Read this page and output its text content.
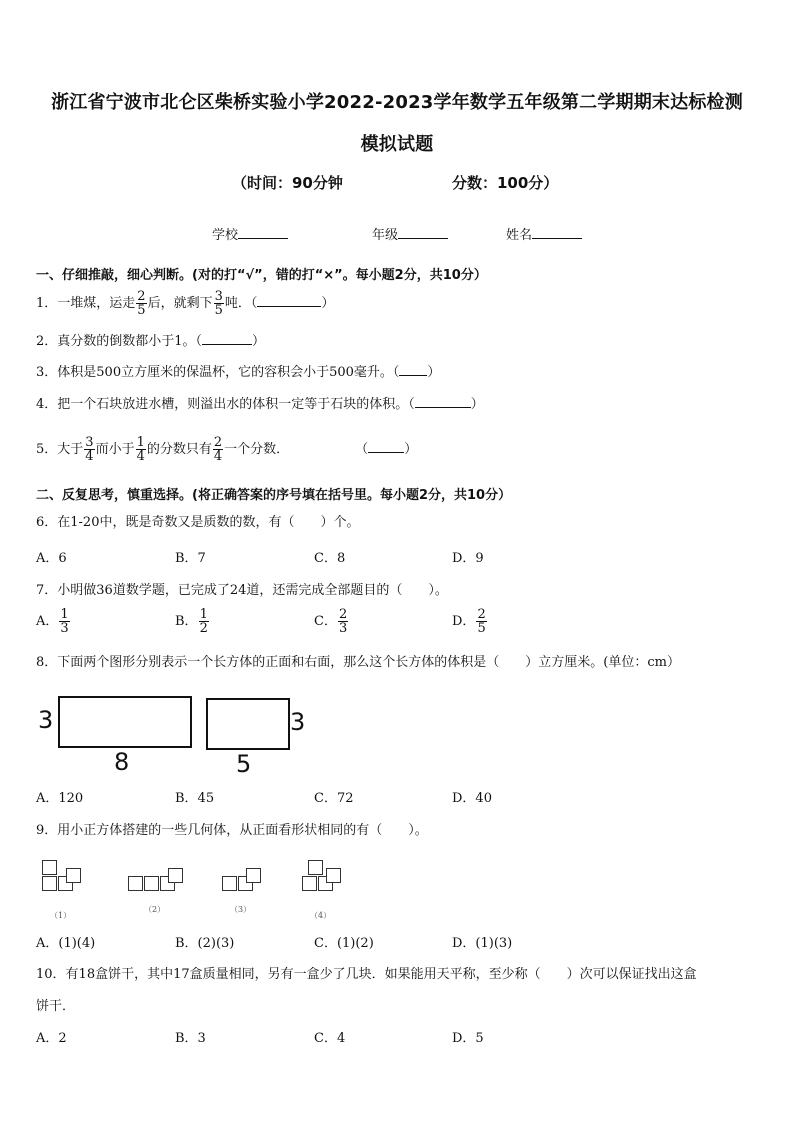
浙江省宁波市北仑区柴桥实验小学2022-2023学年数学五年级第二学期期末达标检测
模拟试题
（时间：90分钟	分数：100分）
学校	年级	姓名
一、仔细推敲，细心判断。(对的打“√”，错的打“×”。每小题2分，共10分）
1．一堆煤，运走 $\frac{2}{5}$ 后，就剩下 $\frac{3}{5}$ 吨．（	）
2．真分数的倒数都小于1。（	）
3．体积是500立方厘米的保温杯，它的容积会小于500毫升。（ ）
4．把一个石块放进水槽，则溢出水的体积一定等于石块的体积。（	）
5．大于 $\frac{3}{4}$ 而小于 $\frac{1}{4}$ 的分数只有 $\frac{2}{4}$ 一个分数．	（	）
二、反复思考，慎重选择。(将正确答案的序号填在括号里。每小题2分，共10分）
6．在1-20中，既是奇数又是质数的数，有（　　）个。
A．6	B．7	C．8	D．9
7．小明做36道数学题，已完成了24道，还需完成全部题目的（　　）。
A． $\frac{1}{3}$	B． $\frac{1}{2}$	C． $\frac{2}{3}$	D． $\frac{2}{5}$
8．下面两个图形分别表示一个长方体的正面和右面，那么这个长方体的体积是（　　）立方厘米。(单位：cm）
3
8
3
5
A．120	B．45	C．72	D．40
9．用小正方体搭建的一些几何体，从正面看形状相同的有（　　）。
（1）
（2）	（3）
（4）
A．(1)(4)	B．(2)(3)	C．(1)(2)	D．(1)(3)
10．有18盒饼干，其中17盒质量相同，另有一盒少了几块．如果能用天平称，至少称（　　）次可以保证找出这盒
饼干．
A．2	B．3	C．4	D．5
